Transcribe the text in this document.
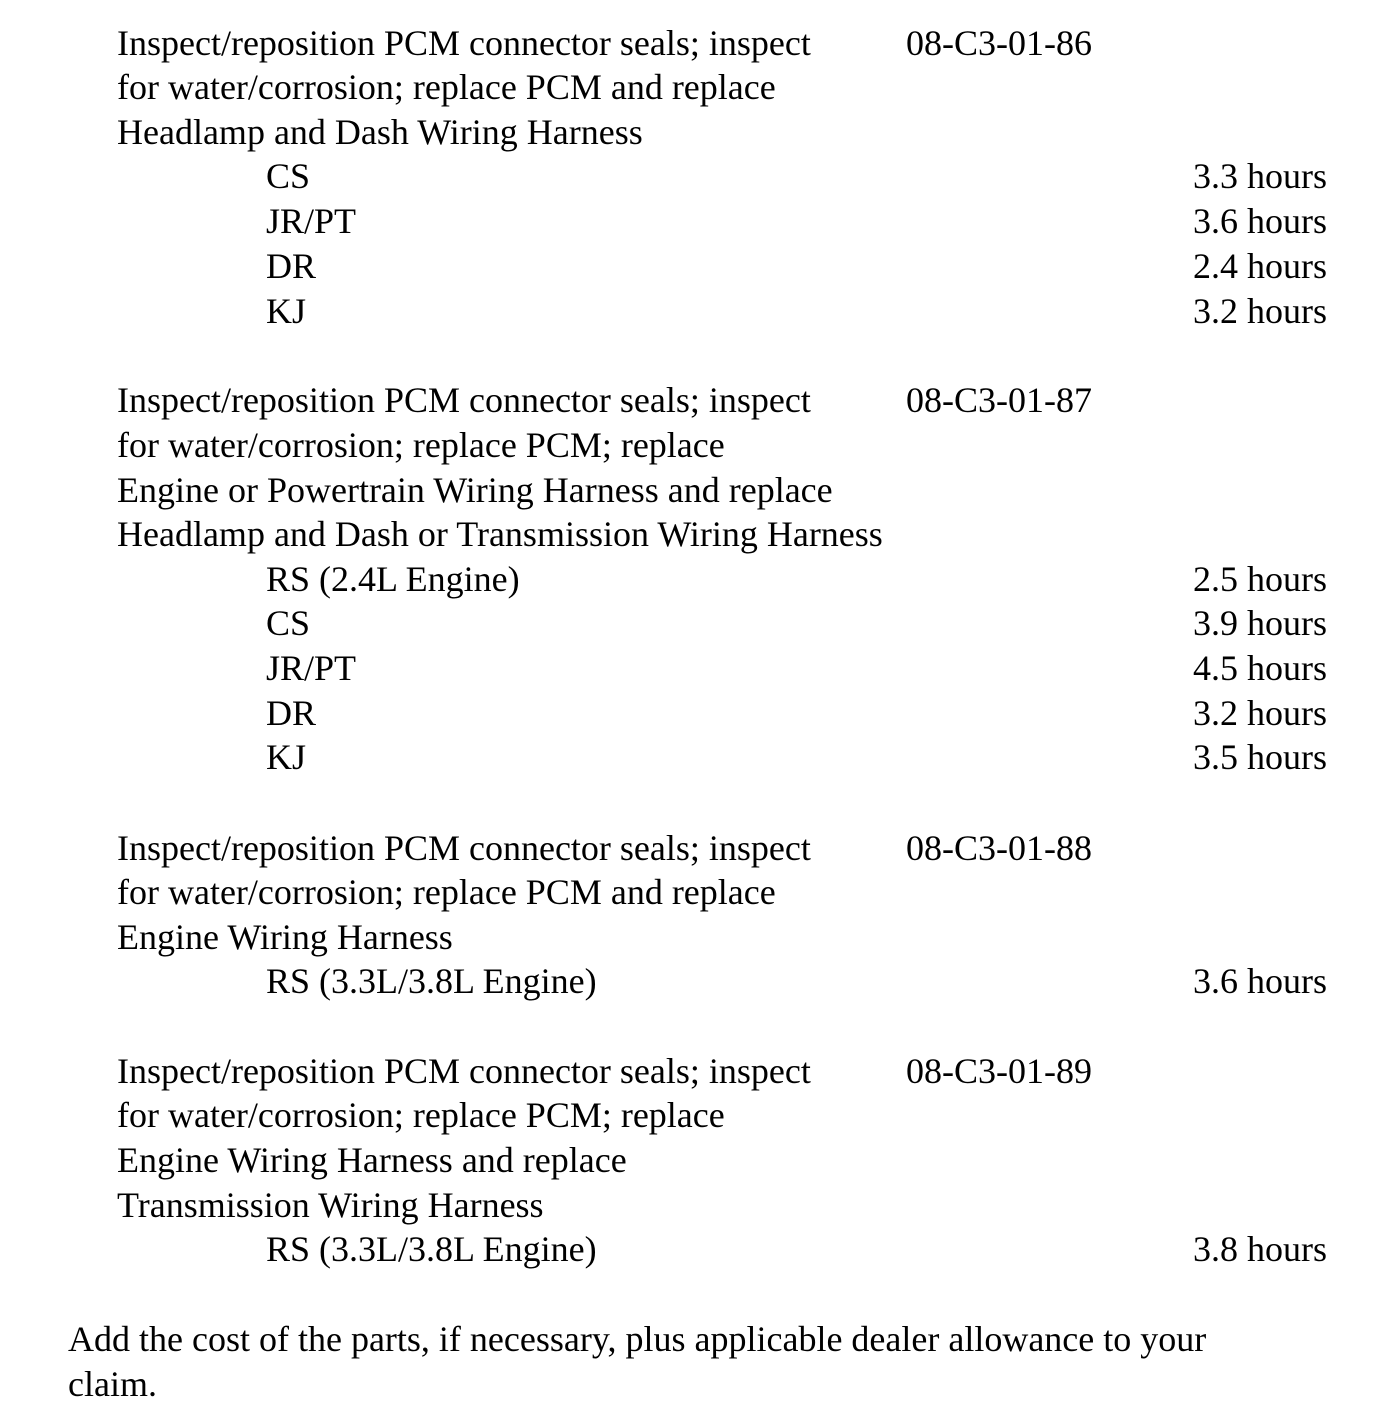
Inspect/reposition PCM connector seals; inspect	08-C3-01-86

for water/corrosion; replace PCM and replace

Headlamp and Dash Wiring Harness

CS	3.3 hours

JR/PT	3.6 hours

DR	2.4 hours

KJ	3.2 hours

Inspect/reposition PCM connector seals; inspect	08-C3-01-87

for water/corrosion; replace PCM; replace

Engine or Powertrain Wiring Harness and replace

Headlamp and Dash or Transmission Wiring Harness

RS (2.4L Engine)	2.5 hours

CS	3.9 hours

JR/PT	4.5 hours

DR	3.2 hours

KJ	3.5 hours

Inspect/reposition PCM connector seals; inspect	08-C3-01-88

for water/corrosion; replace PCM and replace

Engine Wiring Harness

RS (3.3L/3.8L Engine)	3.6 hours

Inspect/reposition PCM connector seals; inspect	08-C3-01-89

for water/corrosion; replace PCM; replace

Engine Wiring Harness and replace

Transmission Wiring Harness

RS (3.3L/3.8L Engine)	3.8 hours

Add the cost of the parts, if necessary, plus applicable dealer allowance to your

claim.
